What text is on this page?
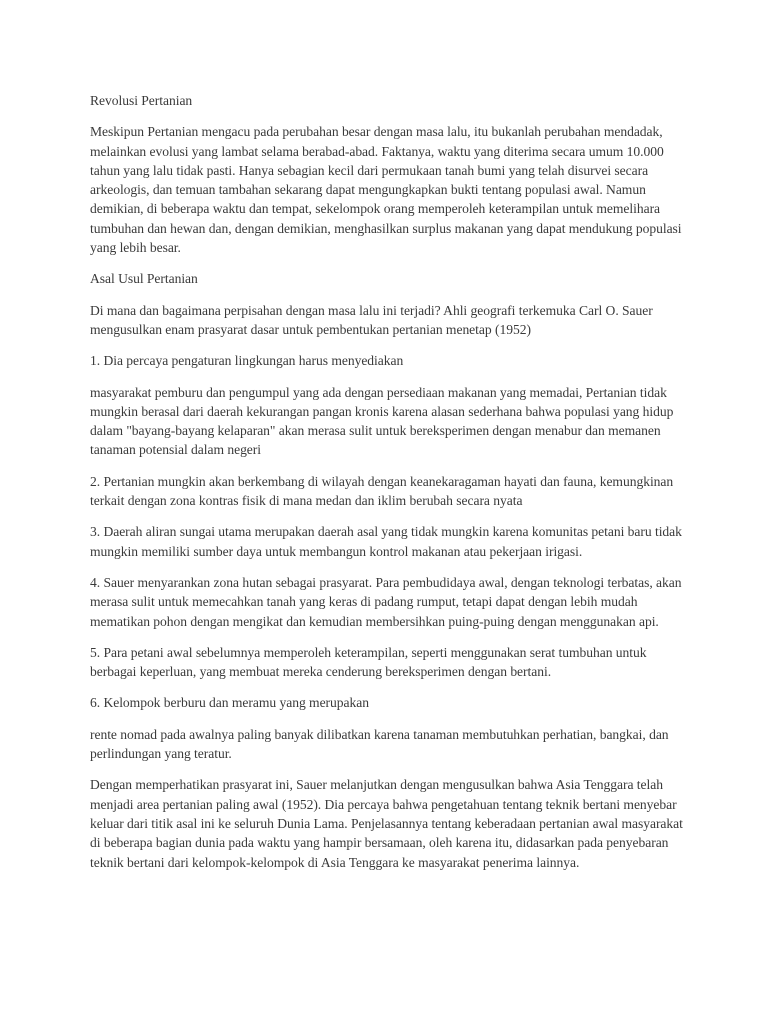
Revolusi Pertanian

Meskipun Pertanian mengacu pada perubahan besar dengan masa lalu, itu bukanlah perubahan mendadak, melainkan evolusi yang lambat selama berabad-abad. Faktanya, waktu yang diterima secara umum 10.000 tahun yang lalu tidak pasti. Hanya sebagian kecil dari permukaan tanah bumi yang telah disurvei secara arkeologis, dan temuan tambahan sekarang dapat mengungkapkan bukti tentang populasi awal. Namun demikian, di beberapa waktu dan tempat, sekelompok orang memperoleh keterampilan untuk memelihara tumbuhan dan hewan dan, dengan demikian, menghasilkan surplus makanan yang dapat mendukung populasi yang lebih besar.

Asal Usul Pertanian

Di mana dan bagaimana perpisahan dengan masa lalu ini terjadi? Ahli geografi terkemuka Carl O. Sauer mengusulkan enam prasyarat dasar untuk pembentukan pertanian menetap (1952)

1. Dia percaya pengaturan lingkungan harus menyediakan

masyarakat pemburu dan pengumpul yang ada dengan persediaan makanan yang memadai, Pertanian tidak mungkin berasal dari daerah kekurangan pangan kronis karena alasan sederhana bahwa populasi yang hidup dalam "bayang-bayang kelaparan" akan merasa sulit untuk bereksperimen dengan menabur dan memanen tanaman potensial dalam negeri

2. Pertanian mungkin akan berkembang di wilayah dengan keanekaragaman hayati dan fauna, kemungkinan terkait dengan zona kontras fisik di mana medan dan iklim berubah secara nyata

3. Daerah aliran sungai utama merupakan daerah asal yang tidak mungkin karena komunitas petani baru tidak mungkin memiliki sumber daya untuk membangun kontrol makanan atau pekerjaan irigasi.

4. Sauer menyarankan zona hutan sebagai prasyarat. Para pembudidaya awal, dengan teknologi terbatas, akan merasa sulit untuk memecahkan tanah yang keras di padang rumput, tetapi dapat dengan lebih mudah mematikan pohon dengan mengikat dan kemudian membersihkan puing-puing dengan menggunakan api.

5. Para petani awal sebelumnya memperoleh keterampilan, seperti menggunakan serat tumbuhan untuk berbagai keperluan, yang membuat mereka cenderung bereksperimen dengan bertani.

6. Kelompok berburu dan meramu yang merupakan

rente nomad pada awalnya paling banyak dilibatkan karena tanaman membutuhkan perhatian, bangkai, dan perlindungan yang teratur.

Dengan memperhatikan prasyarat ini, Sauer melanjutkan dengan mengusulkan bahwa Asia Tenggara telah menjadi area pertanian paling awal (1952). Dia percaya bahwa pengetahuan tentang teknik bertani menyebar keluar dari titik asal ini ke seluruh Dunia Lama. Penjelasannya tentang keberadaan pertanian awal masyarakat di beberapa bagian dunia pada waktu yang hampir bersamaan, oleh karena itu, didasarkan pada penyebaran teknik bertani dari kelompok-kelompok di Asia Tenggara ke masyarakat penerima lainnya.
